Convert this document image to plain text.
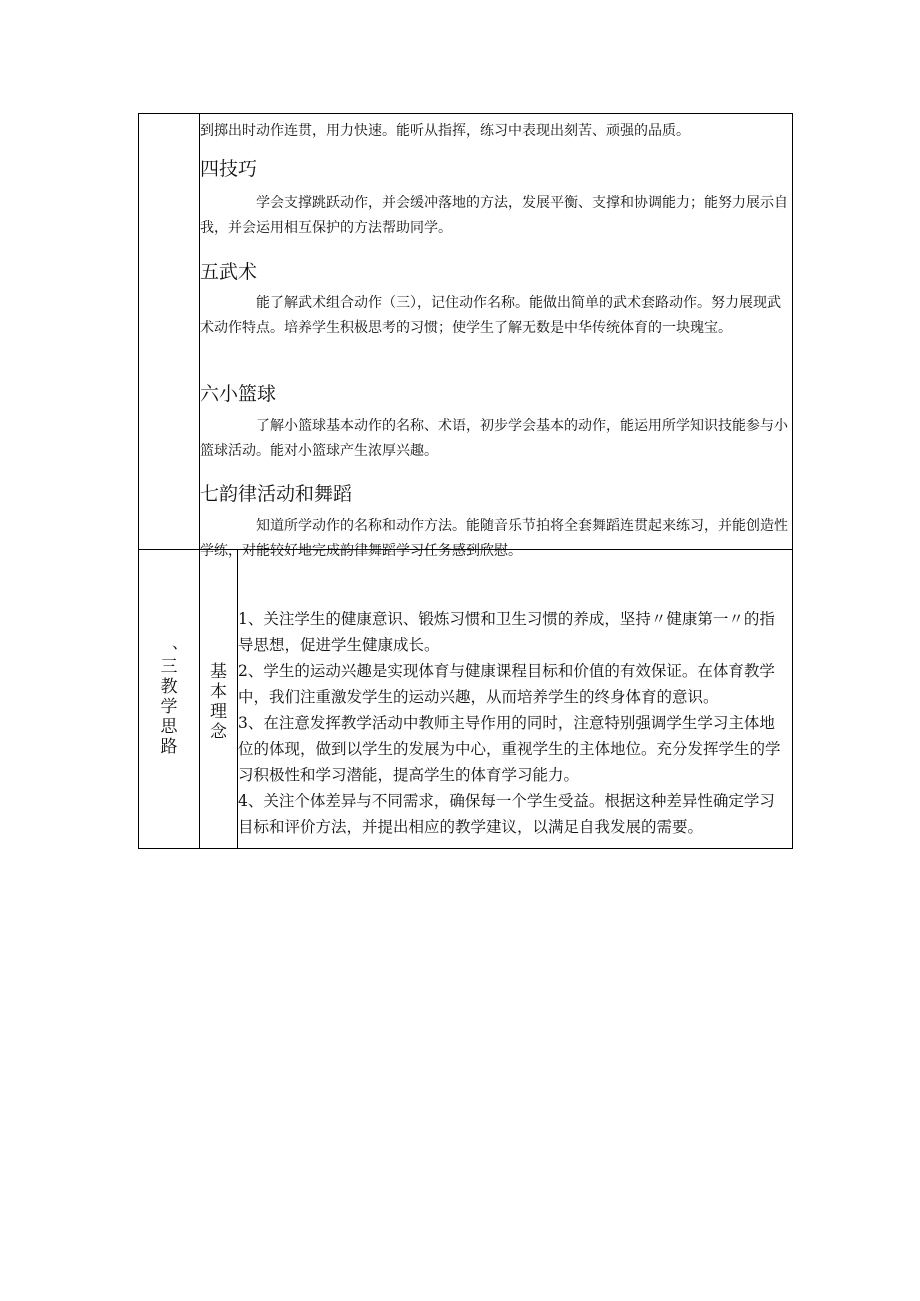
到掷出时动作连贯，用力快速。能听从指挥，练习中表现出刻苦、顽强的品质。
四技巧
学会支撑跳跃动作，并会缓冲落地的方法，发展平衡、支撑和协调能力；能努力展示自我，并会运用相互保护的方法帮助同学。
五武术
能了解武术组合动作（三），记住动作名称。能做出简单的武术套路动作。努力展现武术动作特点。培养学生积极思考的习惯；使学生了解无数是中华传统体育的一块瑰宝。
六小篮球
了解小篮球基本动作的名称、术语，初步学会基本的动作，能运用所学知识技能参与小篮球活动。能对小篮球产生浓厚兴趣。
七韵律活动和舞蹈
知道所学动作的名称和动作方法。能随音乐节拍将全套舞蹈连贯起来练习，并能创造性学练，对能较好地完成韵律舞蹈学习任务感到欣慰。
、
三教学思路
基本理念

1、关注学生的健康意识、锻炼习惯和卫生习惯的养成，坚持〃健康第一〃的指导思想，促进学生健康成长。

2、学生的运动兴趣是实现体育与健康课程目标和价值的有效保证。在体育教学中，我们注重激发学生的运动兴趣，从而培养学生的终身体育的意识。

3、在注意发挥教学活动中教师主导作用的同时，注意特别强调学生学习主体地位的体现，做到以学生的发展为中心，重视学生的主体地位。充分发挥学生的学习积极性和学习潜能，提高学生的体育学习能力。

4、关注个体差异与不同需求，确保每一个学生受益。根据这种差异性确定学习目标和评价方法，并提出相应的教学建议，以满足自我发展的需要。
